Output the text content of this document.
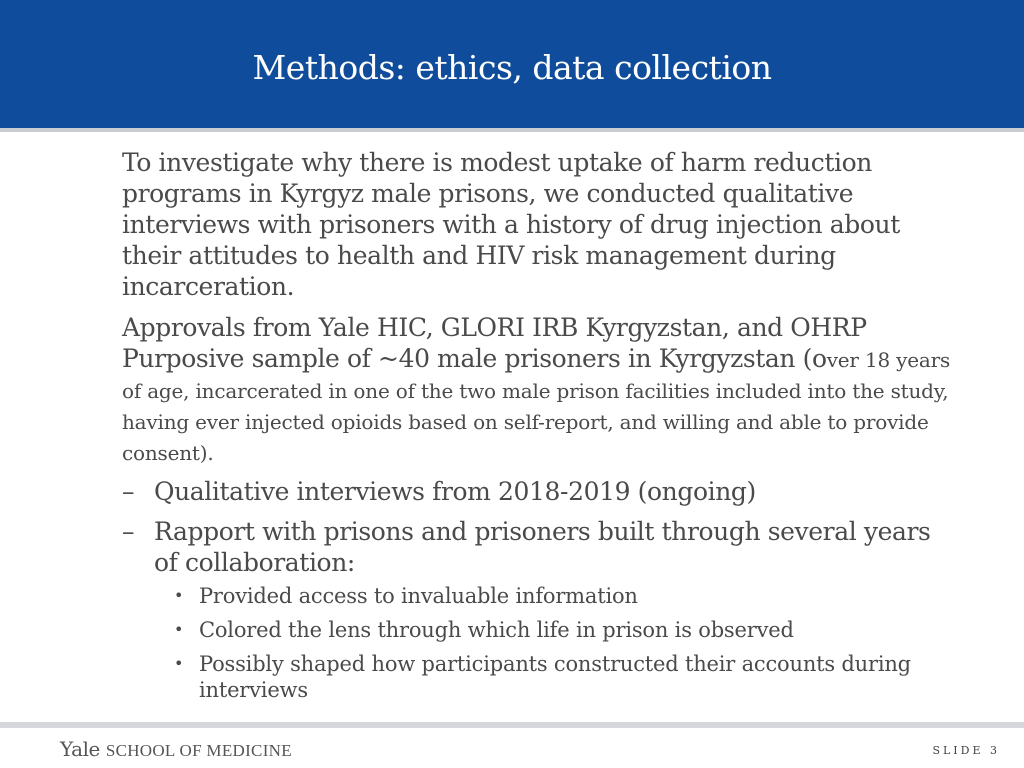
Methods: ethics, data collection

To investigate why there is modest uptake of harm reduction programs in Kyrgyz male prisons, we conducted qualitative interviews with prisoners with a history of drug injection about their attitudes to health and HIV risk management during incarceration.

Approvals from Yale HIC, GLORI IRB Kyrgyzstan, and OHRP

Purposive sample of ~40 male prisoners in Kyrgyzstan (over 18 years of age, incarcerated in one of the two male prison facilities included into the study, having ever injected opioids based on self-report, and willing and able to provide consent).

– Qualitative interviews from 2018-2019 (ongoing)
– Rapport with prisons and prisoners built through several years of collaboration:
• Provided access to invaluable information
• Colored the lens through which life in prison is observed
• Possibly shaped how participants constructed their accounts during interviews
Yale SCHOOL OF MEDICINE	SLIDE 3
